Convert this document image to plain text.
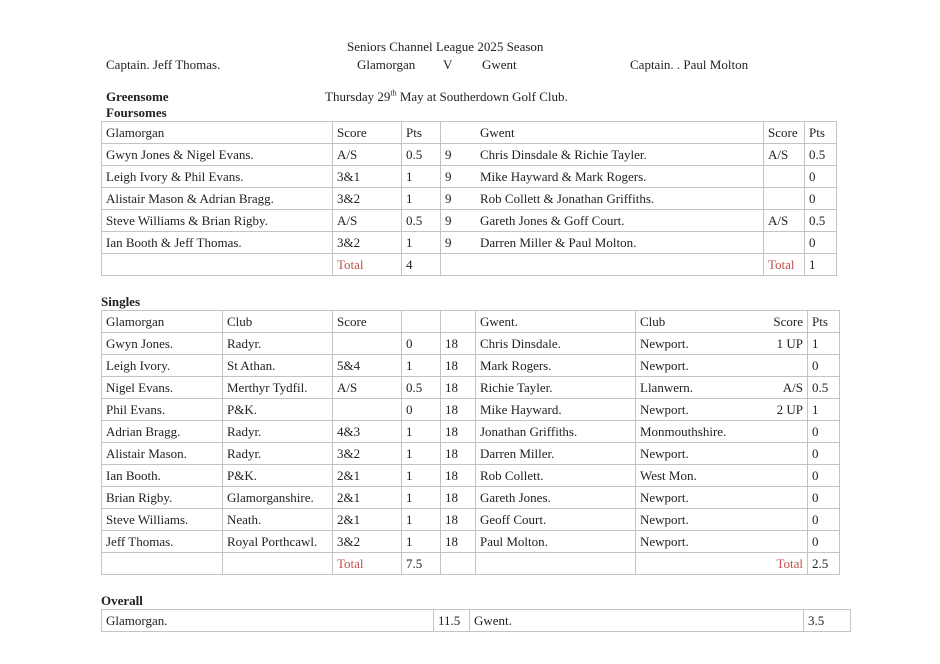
Seniors Channel League 2025 Season
Captain. Jeff Thomas.	Glamorgan V Gwent	Captain. . Paul Molton
Greensome
Foursomes
Thursday 29th May at Southerdown Golf Club.
Glamorgan	Score	Pts	Gwent	Score	Pts
Gwyn Jones & Nigel Evans.	A/S	0.5	9 Chris Dinsdale & Richie Tayler.	A/S	0.5
Leigh Ivory & Phil Evans.	3&1	1	9 Mike Hayward & Mark Rogers.		0
Alistair Mason & Adrian Bragg.	3&2	1	9 Rob Collett & Jonathan Griffiths.		0
Steve Williams & Brian Rigby.	A/S	0.5	9 Gareth Jones & Goff Court.	A/S	0.5
Ian Booth & Jeff Thomas.	3&2	1	9 Darren Miller & Paul Molton.		0
	Total	4		Total	1
Singles
Glamorgan	Club	Score			Gwent.	Club Score	Pts
Gwyn Jones.	Radyr.		0	18	Chris Dinsdale.	Newport. 1 UP	1
Leigh Ivory.	St Athan.	5&4	1	18	Mark Rogers.	Newport.	0
Nigel Evans.	Merthyr Tydfil.	A/S	0.5	18	Richie Tayler.	Llanwern. A/S	0.5
Phil Evans.	P&K.		0	18	Mike Hayward.	Newport. 2 UP	1
Adrian Bragg.	Radyr.	4&3	1	18	Jonathan Griffiths.	Monmouthshire.	0
Alistair Mason.	Radyr.	3&2	1	18	Darren Miller.	Newport.	0
Ian Booth.	P&K.	2&1	1	18	Rob Collett.	West Mon.	0
Brian Rigby.	Glamorganshire.	2&1	1	18	Gareth Jones.	Newport.	0
Steve Williams.	Neath.	2&1	1	18	Geoff Court.	Newport.	0
Jeff Thomas.	Royal Porthcawl.	3&2	1	18	Paul Molton.	Newport.	0
		Total	7.5			Total	2.5
Overall
Glamorgan.	11.5	Gwent.	3.5
